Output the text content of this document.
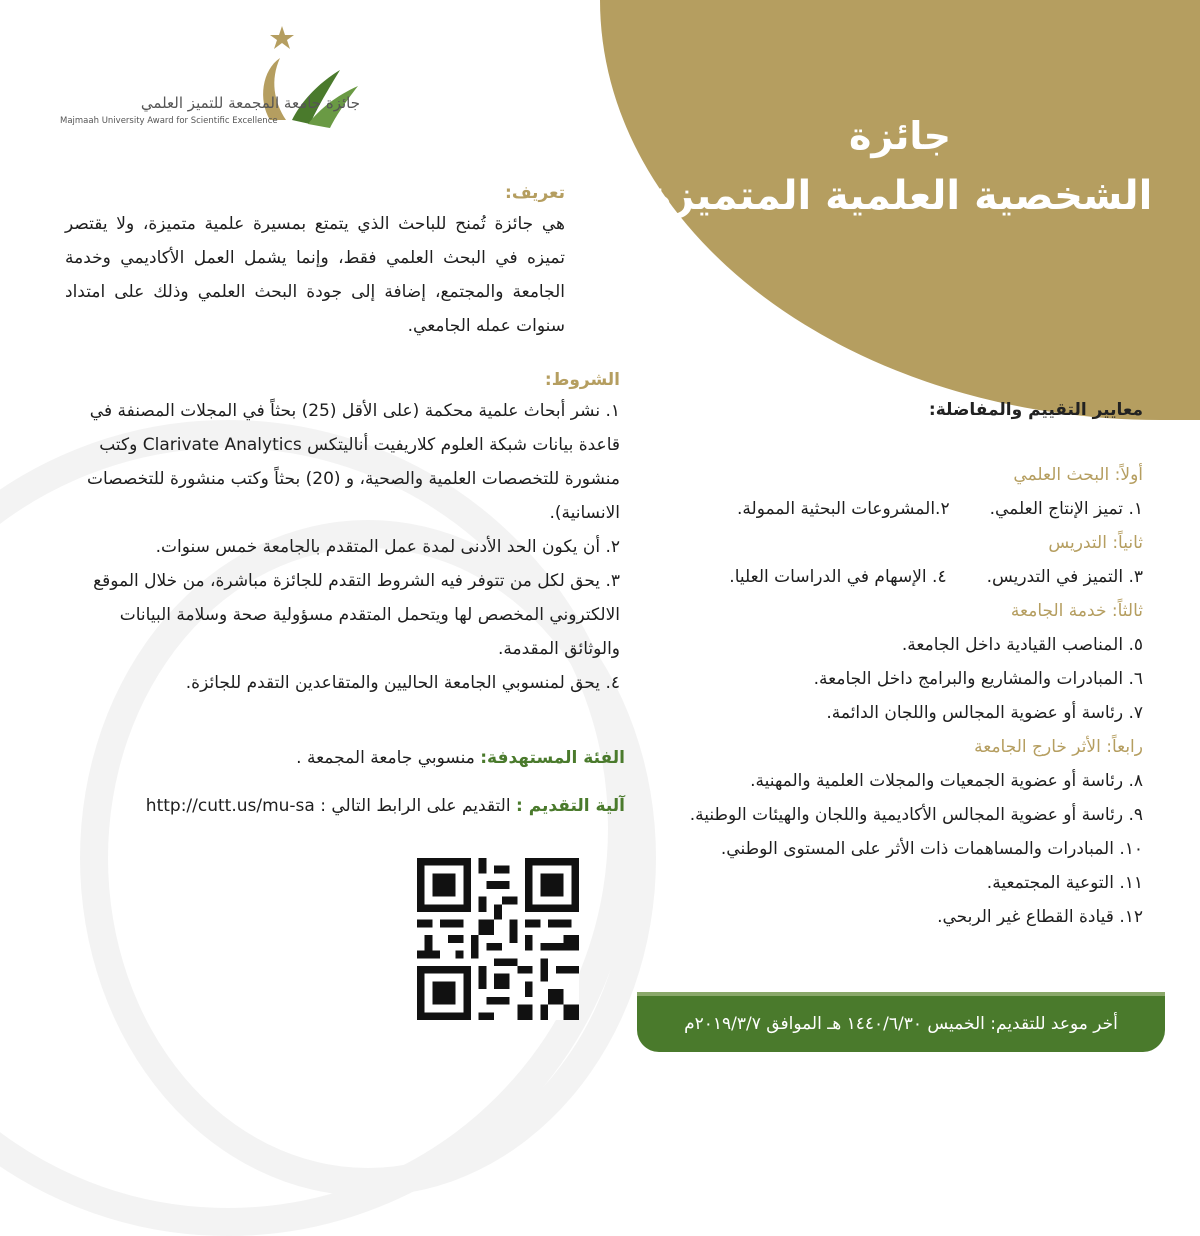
جائزة
الشخصية العلمية المتميزة
جائزة جامعة المجمعة للتميز العلمي
Majmaah University Award for Scientific Excellence
تعريف:
هي جائزة تُمنح للباحث الذي يتمتع بمسيرة علمية متميزة، ولا يقتصر تميزه في البحث العلمي فقط، وإنما يشمل العمل الأكاديمي وخدمة الجامعة والمجتمع، إضافة إلى جودة البحث العلمي وذلك على امتداد سنوات عمله الجامعي.
الشروط:

١. نشر أبحاث علمية محكمة (على الأقل (25) بحثاً في المجلات المصنفة في قاعدة بيانات شبكة العلوم كلاريفيت أناليتكس Clarivate Analytics وكتب منشورة للتخصصات العلمية والصحية، و (20) بحثاً وكتب منشورة للتخصصات الانسانية).

٢. أن يكون الحد الأدنى لمدة عمل المتقدم بالجامعة خمس سنوات.

٣. يحق لكل من تتوفر فيه الشروط التقدم للجائزة مباشرة، من خلال الموقع الالكتروني المخصص لها ويتحمل المتقدم مسؤولية صحة وسلامة البيانات والوثائق المقدمة.

٤. يحق لمنسوبي الجامعة الحاليين والمتقاعدين التقدم للجائزة.

الفئة المستهدفة: منسوبي جامعة المجمعة .
آلية التقديم : التقديم على الرابط التالي : http://cutt.us/mu-sa
معايير التقييم والمفاضلة:
أولاً: البحث العلمي
١. تميز الإنتاج العلمي.
٢.المشروعات البحثية الممولة.
ثانياً: التدريس
٣. التميز في التدريس.
٤. الإسهام في الدراسات العليا.
ثالثاً: خدمة الجامعة
٥. المناصب القيادية داخل الجامعة.
٦. المبادرات والمشاريع والبرامج داخل الجامعة.
٧. رئاسة أو عضوية المجالس واللجان الدائمة.
رابعاً: الأثر خارج الجامعة
٨. رئاسة أو عضوية الجمعيات والمجلات العلمية والمهنية.
٩. رئاسة أو عضوية المجالس الأكاديمية واللجان والهيئات الوطنية.
١٠. المبادرات والمساهمات ذات الأثر على المستوى الوطني.
١١. التوعية المجتمعية.
١٢. قيادة القطاع غير الربحي.
أخر موعد للتقديم: الخميس ١٤٤٠/٦/٣٠ هـ الموافق ٢٠١٩/٣/٧م
